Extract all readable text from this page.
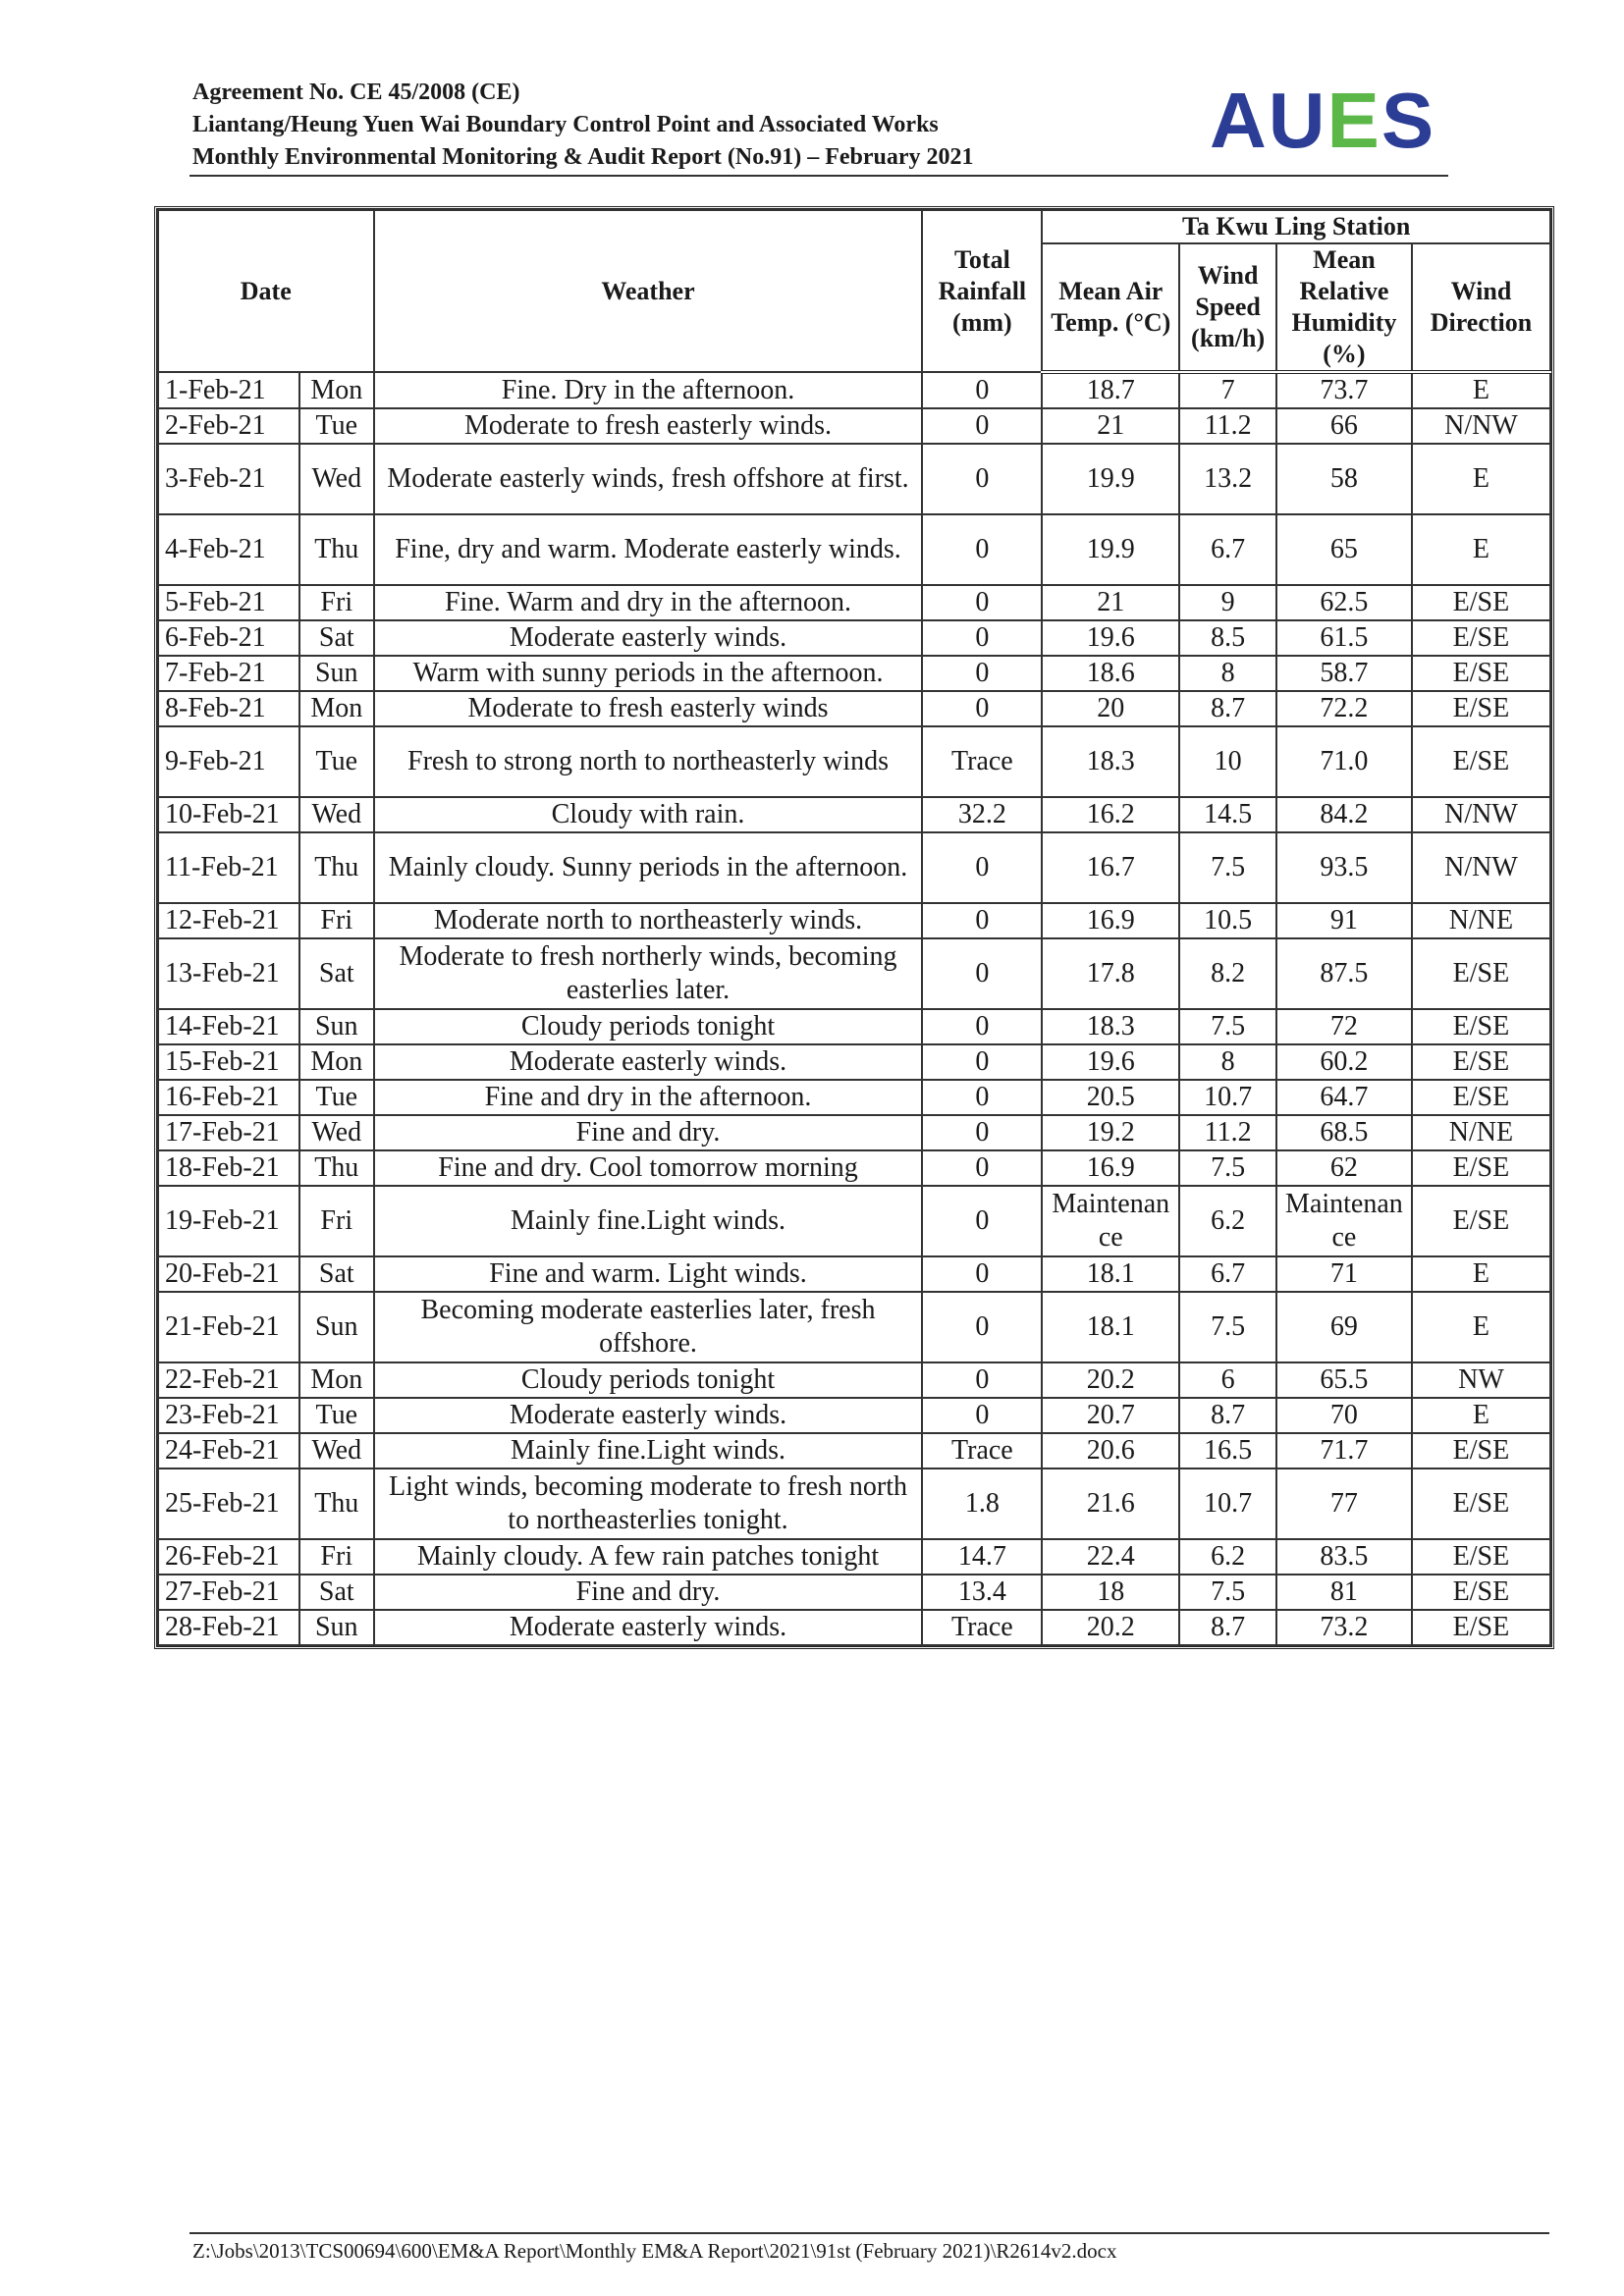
Agreement No. CE 45/2008 (CE)
Liantang/Heung Yuen Wai Boundary Control Point and Associated Works
Monthly Environmental Monitoring & Audit Report (No.91) – February 2021	AUES
Date		Weather	Total Rainfall (mm)	Ta Kwu Ling Station			
				Mean Air Temp. (°C)	Wind Speed (km/h)	Mean Relative Humidity (%)	Wind Direction
1-Feb-21	Mon	Fine. Dry in the afternoon.	0	18.7	7	73.7	E
2-Feb-21	Tue	Moderate to fresh easterly winds.	0	21	11.2	66	N/NW
3-Feb-21	Wed	Moderate easterly winds, fresh offshore at first.	0	19.9	13.2	58	E
4-Feb-21	Thu	Fine, dry and warm. Moderate easterly winds.	0	19.9	6.7	65	E
5-Feb-21	Fri	Fine. Warm and dry in the afternoon.	0	21	9	62.5	E/SE
6-Feb-21	Sat	Moderate easterly winds.	0	19.6	8.5	61.5	E/SE
7-Feb-21	Sun	Warm with sunny periods in the afternoon.	0	18.6	8	58.7	E/SE
8-Feb-21	Mon	Moderate to fresh easterly winds	0	20	8.7	72.2	E/SE
9-Feb-21	Tue	Fresh to strong north to northeasterly winds	Trace	18.3	10	71.0	E/SE
10-Feb-21	Wed	Cloudy with rain.	32.2	16.2	14.5	84.2	N/NW
11-Feb-21	Thu	Mainly cloudy. Sunny periods in the afternoon.	0	16.7	7.5	93.5	N/NW
12-Feb-21	Fri	Moderate north to northeasterly winds.	0	16.9	10.5	91	N/NE
13-Feb-21	Sat	Moderate to fresh northerly winds, becoming easterlies later.	0	17.8	8.2	87.5	E/SE
14-Feb-21	Sun	Cloudy periods tonight	0	18.3	7.5	72	E/SE
15-Feb-21	Mon	Moderate easterly winds.	0	19.6	8	60.2	E/SE
16-Feb-21	Tue	Fine and dry in the afternoon.	0	20.5	10.7	64.7	E/SE
17-Feb-21	Wed	Fine and dry.	0	19.2	11.2	68.5	N/NE
18-Feb-21	Thu	Fine and dry. Cool tomorrow morning	0	16.9	7.5	62	E/SE
19-Feb-21	Fri	Mainly fine.Light winds.	0	Maintenance	6.2	Maintenance	E/SE
20-Feb-21	Sat	Fine and warm. Light winds.	0	18.1	6.7	71	E
21-Feb-21	Sun	Becoming moderate easterlies later, fresh offshore.	0	18.1	7.5	69	E
22-Feb-21	Mon	Cloudy periods tonight	0	20.2	6	65.5	NW
23-Feb-21	Tue	Moderate easterly winds.	0	20.7	8.7	70	E
24-Feb-21	Wed	Mainly fine.Light winds.	Trace	20.6	16.5	71.7	E/SE
25-Feb-21	Thu	Light winds, becoming moderate to fresh north to northeasterlies tonight.	1.8	21.6	10.7	77	E/SE
26-Feb-21	Fri	Mainly cloudy. A few rain patches tonight	14.7	22.4	6.2	83.5	E/SE
27-Feb-21	Sat	Fine and dry.	13.4	18	7.5	81	E/SE
28-Feb-21	Sun	Moderate easterly winds.	Trace	20.2	8.7	73.2	E/SE
Z:\Jobs\2013\TCS00694\600\EM&A Report\Monthly EM&A Report\2021\91st (February 2021)\R2614v2.docx
